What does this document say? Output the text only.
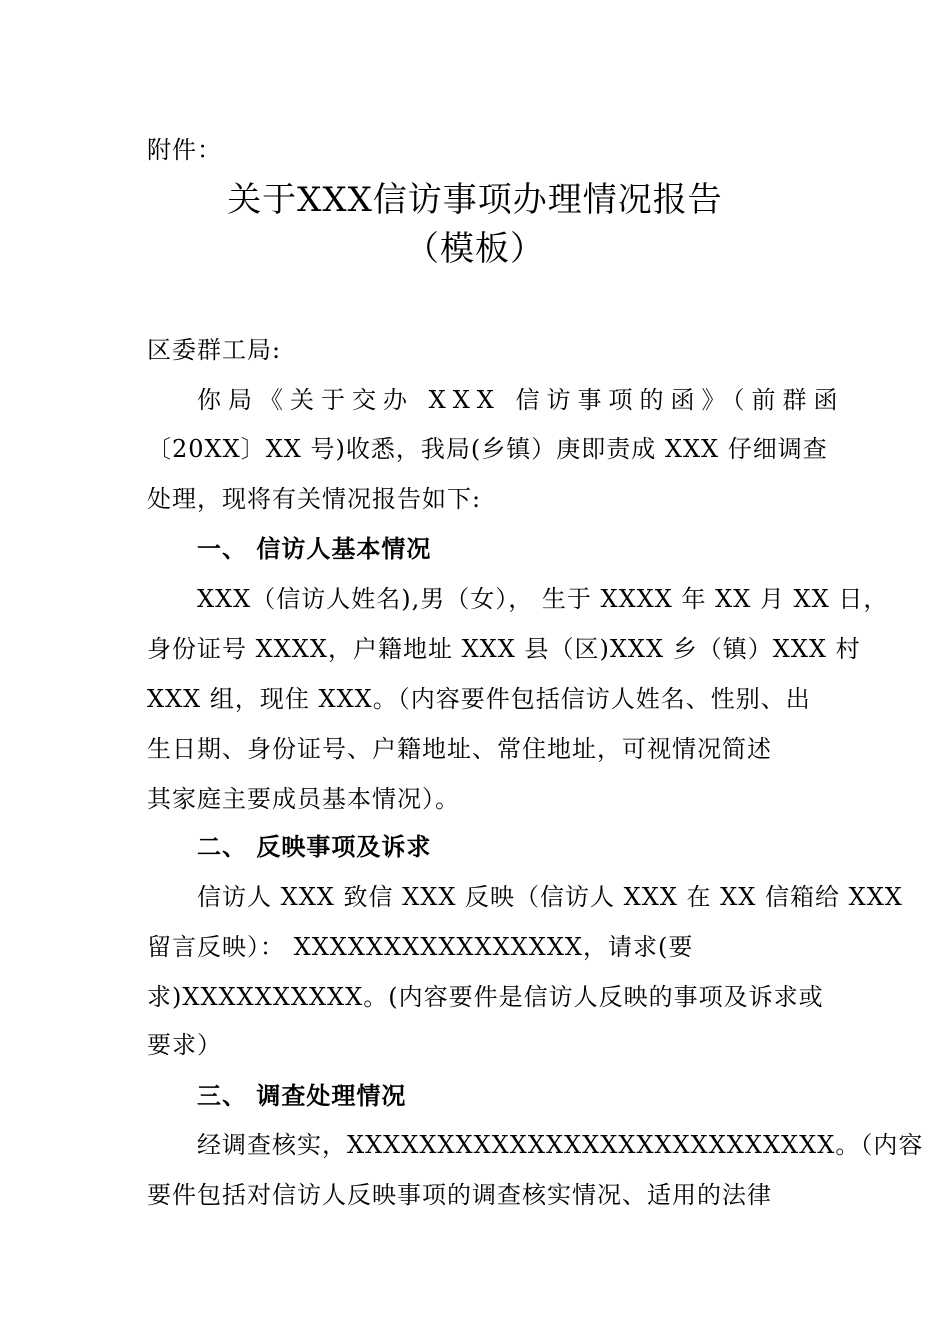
附件：
关于XXX信访事项办理情况报告
（模板）
区委群工局:
你局《关于交办 XXX 信访事项的函》（前群函
〔20XX〕XX 号)收悉，我局(乡镇）庚即责成 XXX 仔细调查
处理，现将有关情况报告如下:
一、 信访人基本情况
XXX（信访人姓名),男（女）， 生于 XXXX 年 XX 月 XX 日，
身份证号 XXXX，户籍地址 XXX 县（区)XXX 乡（镇）XXX 村
XXX 组，现住 XXX。（内容要件包括信访人姓名、性别、出
生日期、身份证号、户籍地址、常住地址，可视情况简述
其家庭主要成员基本情况）。
二、 反映事项及诉求
信访人 XXX 致信 XXX 反映（信访人 XXX 在 XX 信箱给 XXX
留言反映）： XXXXXXXXXXXXXXXX，请求(要
求)XXXXXXXXXX。(内容要件是信访人反映的事项及诉求或
要求）
三、 调查处理情况
经调查核实，XXXXXXXXXXXXXXXXXXXXXXXXXXX。（内容
要件包括对信访人反映事项的调查核实情况、适用的法律
